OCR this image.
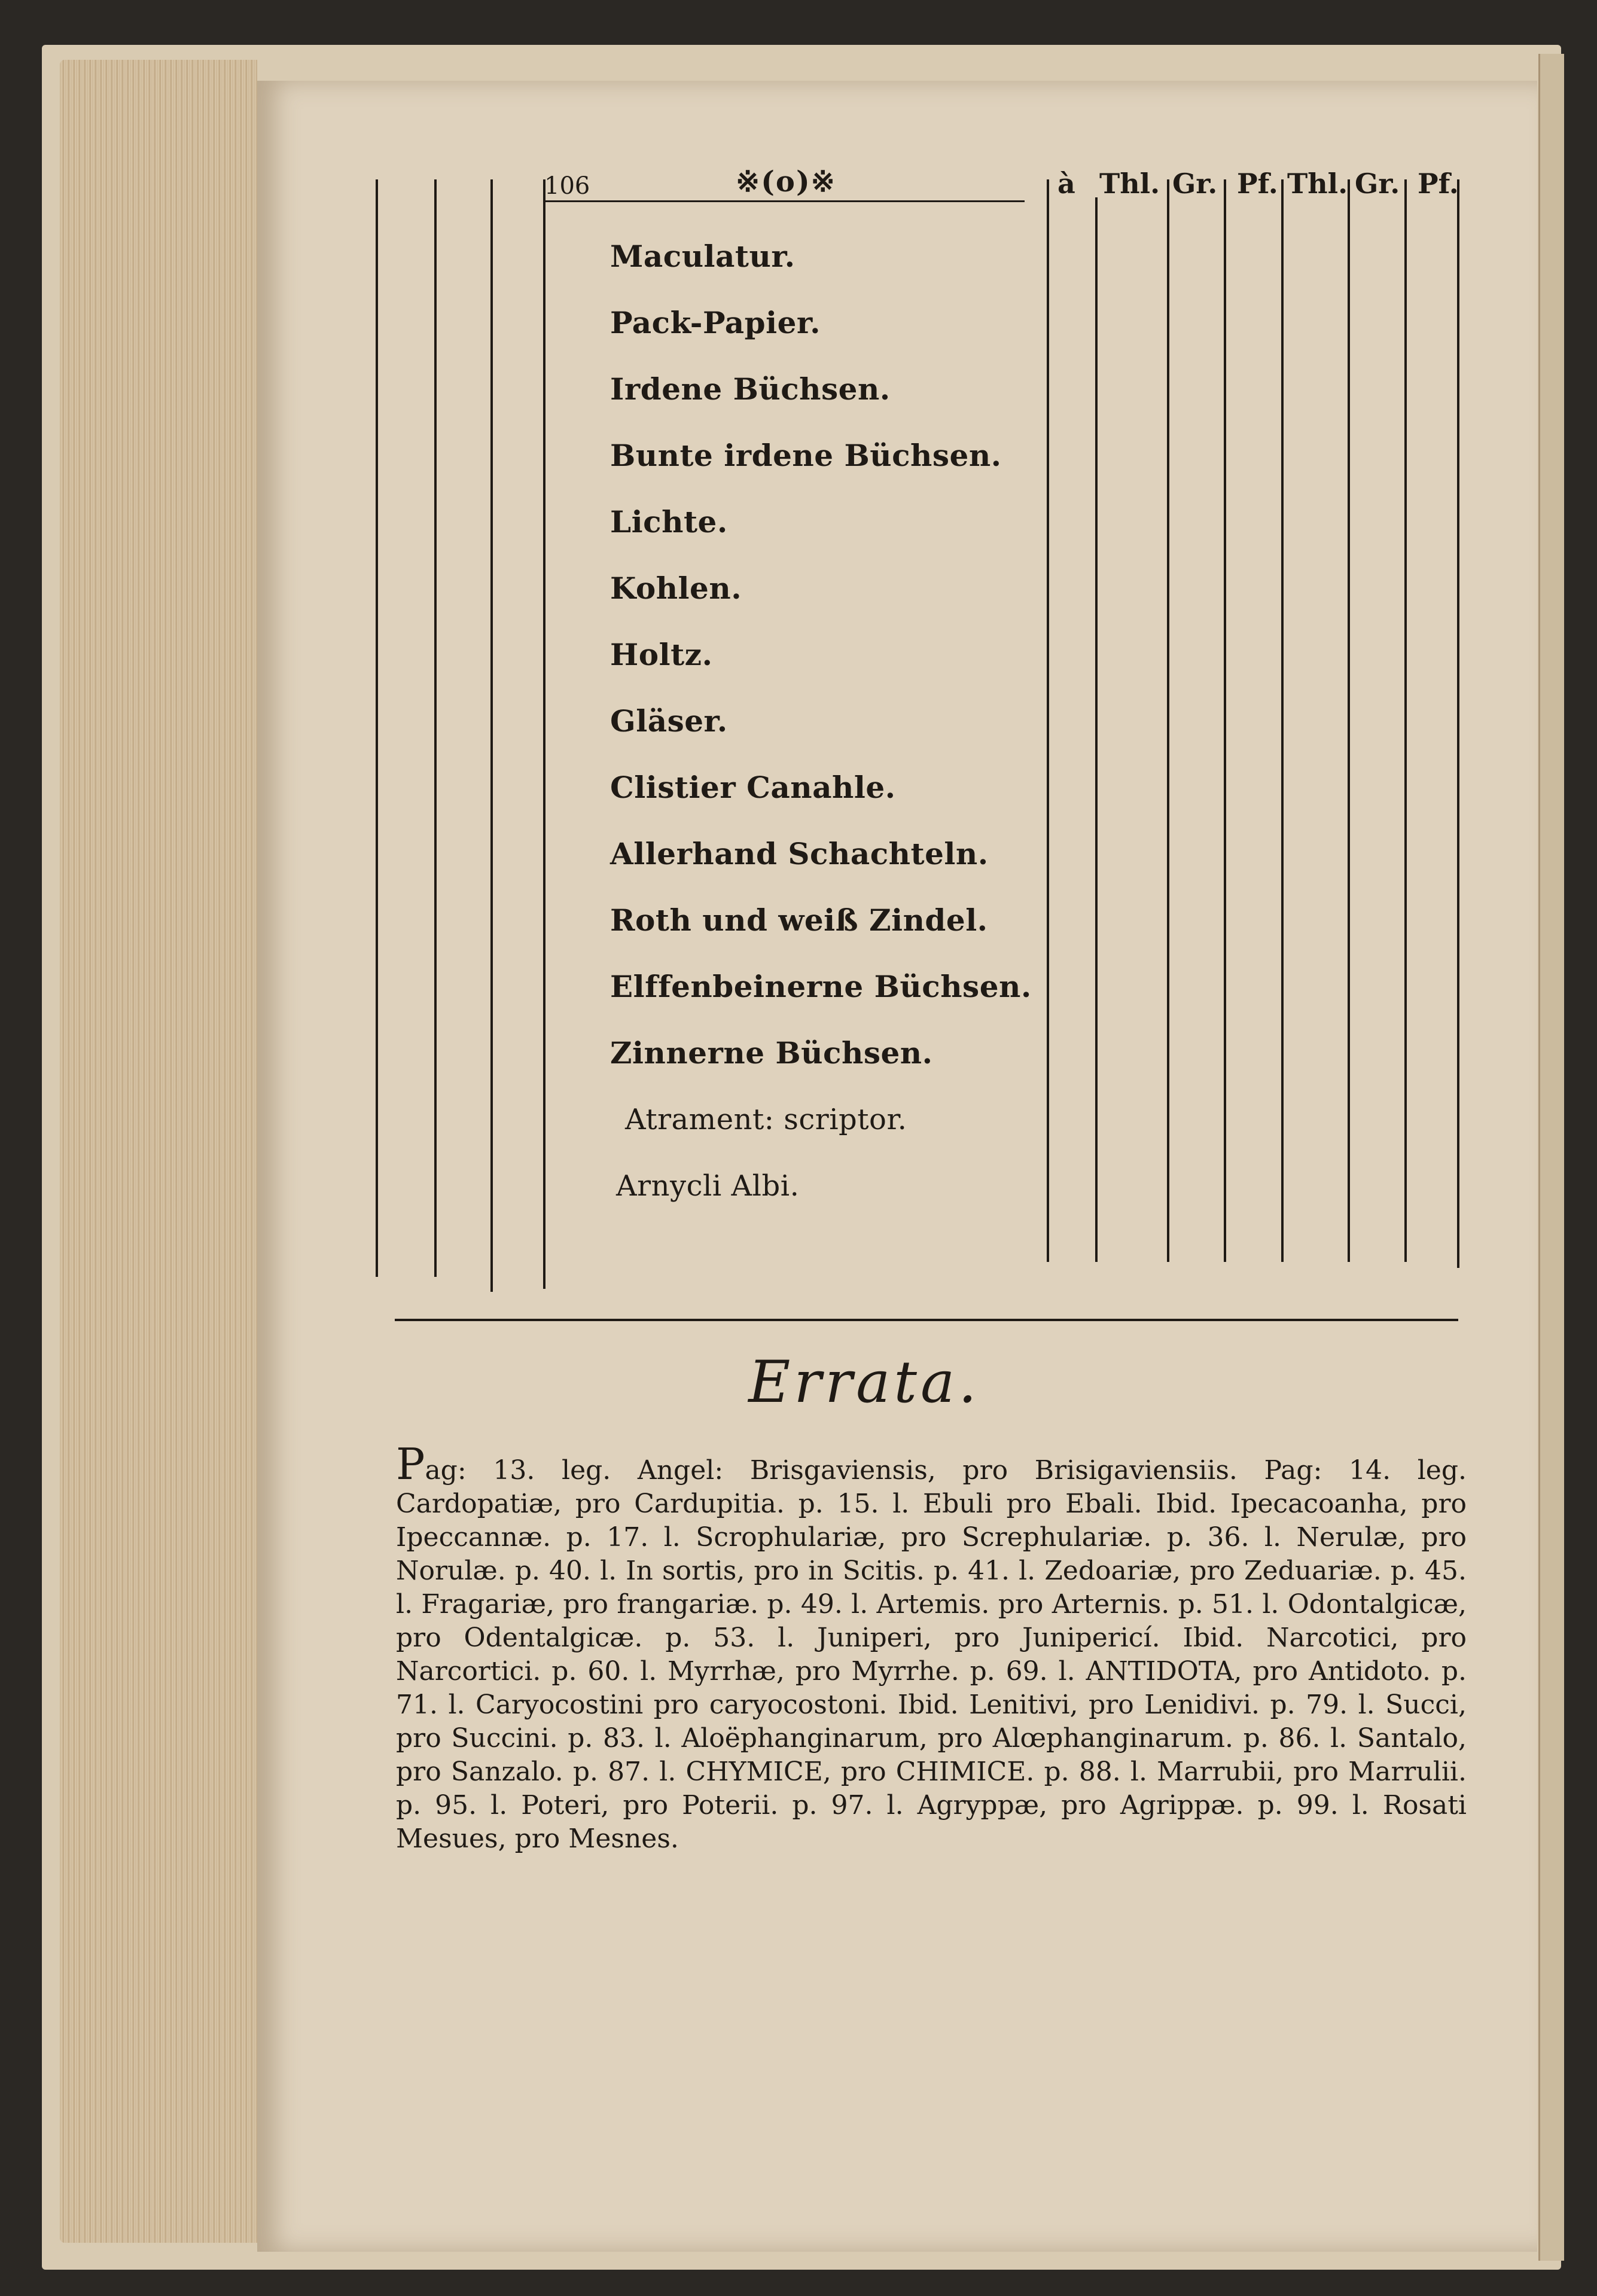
106	※(o)※	à Thl. Gr. Pf. Thl. Gr. Pf.
Maculatur.
Pack-Papier.
Irdene Büchsen.
Bunte irdene Büchsen.
Lichte.
Kohlen.
Holtz.
Gläser.
Clistier Canahle.
Allerhand Schachteln.
Roth und weiß Zindel.
Elffenbeinerne Büchsen.
Zinnerne Büchsen.
Atrament: scriptor.
Arnycli Albi.
Errata.

Pag: 13. leg. Angel: Brisgaviensis, pro Brisigaviensiis. Pag: 14. leg. Cardopatiæ, pro Cardupitia. p. 15. l. Ebuli pro Ebali. Ibid. Ipecacoanha, pro Ipeccannæ. p. 17. l. Scrophulariæ, pro Screphulariæ. p. 36. l. Nerulæ, pro Norulæ. p. 40. l. In sortis, pro in Scitis. p. 41. l. Zedoariæ, pro Zeduariæ. p. 45. l. Fragariæ, pro frangariæ. p. 49. l. Artemis. pro Arternis. p. 51. l. Odontalgicæ, pro Odentalgicæ. p. 53. l. Juniperi, pro Junipericí. Ibid. Narcotici, pro Narcortici. p. 60. l. Myrrhæ, pro Myrrhe. p. 69. l. ANTIDOTA, pro Antidoto. p. 71. l. Caryocostini pro caryocostoni. Ibid. Lenitivi, pro Lenidivi. p. 79. l. Succi, pro Succini. p. 83. l. Aloëphanginarum, pro Alœphanginarum. p. 86. l. Santalo, pro Sanzalo. p. 87. l. CHYMICE, pro CHIMICE. p. 88. l. Marrubii, pro Marrulii. p. 95. l. Poteri, pro Poterii. p. 97. l. Agryppæ, pro Agrippæ. p. 99. l. Rosati Mesues, pro Mesnes.
